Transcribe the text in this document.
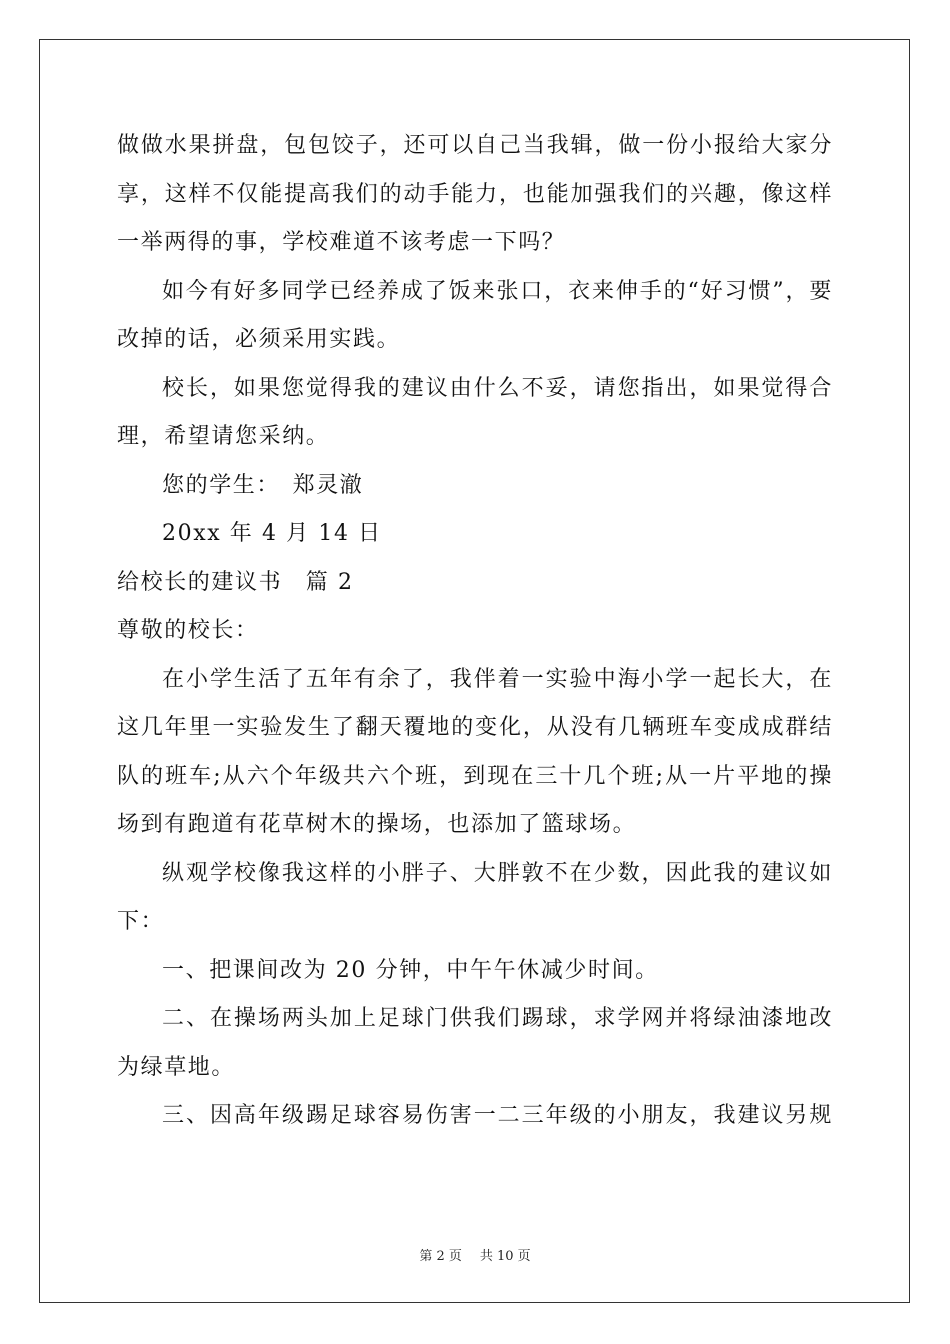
做做水果拼盘，包包饺子，还可以自己当我辑，做一份小报给大家分享，这样不仅能提高我们的动手能力，也能加强我们的兴趣，像这样一举两得的事，学校难道不该考虑一下吗？

如今有好多同学已经养成了饭来张口，衣来伸手的“好习惯”，要改掉的话，必须采用实践。

校长，如果您觉得我的建议由什么不妥，请您指出，如果觉得合理，希望请您采纳。

您的学生：　郑灵澈

20xx 年 4 月 14 日

给校长的建议书　篇 2

尊敬的校长：

在小学生活了五年有余了，我伴着一实验中海小学一起长大，在这几年里一实验发生了翻天覆地的变化，从没有几辆班车变成成群结队的班车;从六个年级共六个班，到现在三十几个班;从一片平地的操场到有跑道有花草树木的操场，也添加了篮球场。

纵观学校像我这样的小胖子、大胖敦不在少数，因此我的建议如下：

一、把课间改为 20 分钟，中午午休减少时间。

二、在操场两头加上足球门供我们踢球，求学网并将绿油漆地改为绿草地。

三、因高年级踢足球容易伤害一二三年级的小朋友，我建议另规

第 2 页 共 10 页
